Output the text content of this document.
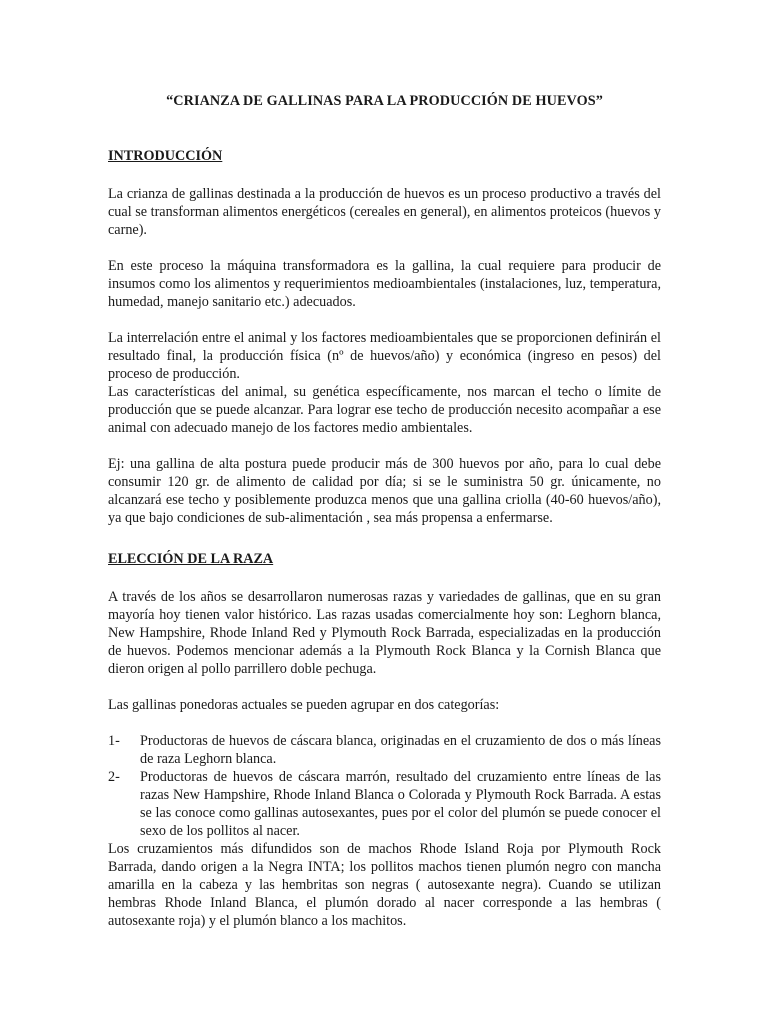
“CRIANZA DE GALLINAS PARA LA PRODUCCIÓN DE HUEVOS”
INTRODUCCIÓN

La crianza de gallinas destinada a la producción de huevos es un proceso productivo a través del cual se transforman alimentos energéticos (cereales en general), en alimentos proteicos (huevos y carne).

En este proceso la máquina transformadora es la gallina, la cual requiere para producir de insumos como los alimentos y requerimientos medioambientales (instalaciones, luz, temperatura, humedad, manejo sanitario etc.) adecuados.

La interrelación entre el animal y los factores medioambientales que se proporcionen definirán el resultado final, la producción física (nº de huevos/año) y económica (ingreso en pesos) del proceso de producción.

Las características del animal, su genética específicamente, nos marcan el techo o límite de producción que se puede alcanzar. Para lograr ese techo de producción necesito acompañar a ese animal con adecuado manejo de los factores medio ambientales.

Ej: una gallina de alta postura puede producir más de 300 huevos por año, para lo cual debe consumir 120 gr. de alimento de calidad por día; si se le suministra 50 gr. únicamente, no alcanzará ese techo y posiblemente produzca menos que una gallina criolla (40-60 huevos/año), ya que bajo condiciones de sub-alimentación , sea más propensa a enfermarse.

ELECCIÓN DE LA RAZA

A través de los años se desarrollaron numerosas razas y variedades de gallinas, que en su gran mayoría hoy tienen valor histórico. Las razas usadas comercialmente hoy son: Leghorn blanca, New Hampshire, Rhode Inland Red y Plymouth Rock Barrada, especializadas en la producción de huevos. Podemos mencionar además a la Plymouth Rock Blanca y la Cornish Blanca que dieron origen al pollo parrillero doble pechuga.

Las gallinas ponedoras actuales se pueden agrupar en dos categorías:

1- Productoras de huevos de cáscara blanca, originadas en el cruzamiento de dos o más líneas de raza Leghorn blanca.
2- Productoras de huevos de cáscara marrón, resultado del cruzamiento entre líneas de las razas New Hampshire, Rhode Inland Blanca o Colorada y Plymouth Rock Barrada. A estas se las conoce como gallinas autosexantes, pues por el color del plumón se puede conocer el sexo de los pollitos al nacer.

Los cruzamientos más difundidos son de machos Rhode Island Roja por Plymouth Rock Barrada, dando origen a la Negra INTA; los pollitos machos tienen plumón negro con mancha amarilla en la cabeza y las hembritas son negras ( autosexante negra). Cuando se utilizan hembras Rhode Inland Blanca, el plumón dorado al nacer corresponde a las hembras ( autosexante roja) y el plumón blanco a los machitos.
